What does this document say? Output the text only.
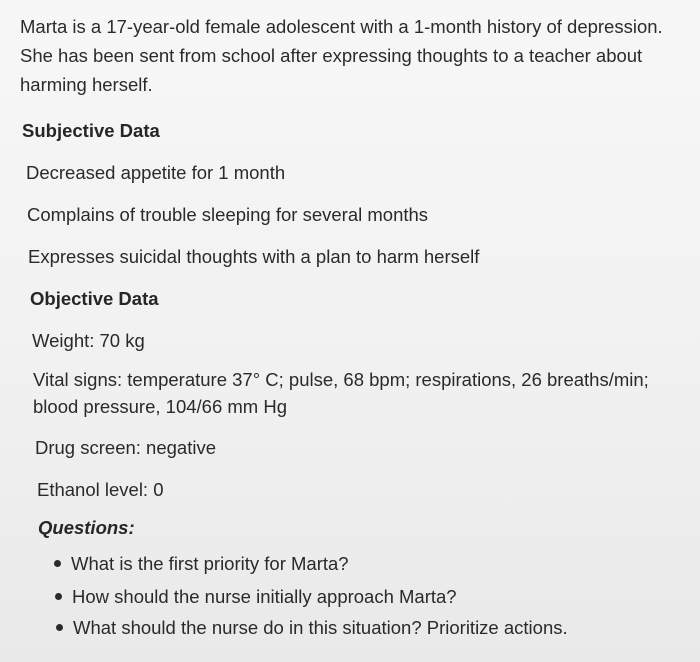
Marta is a 17-year-old female adolescent with a 1-month history of depression. She has been sent from school after expressing thoughts to a teacher about harming herself.
Subjective Data
Decreased appetite for 1 month
Complains of trouble sleeping for several months
Expresses suicidal thoughts with a plan to harm herself
Objective Data
Weight: 70 kg
Vital signs: temperature 37° C; pulse, 68 bpm; respirations, 26 breaths/min; blood pressure, 104/66 mm Hg
Drug screen: negative
Ethanol level: 0
Questions:
What is the first priority for Marta?
How should the nurse initially approach Marta?
What should the nurse do in this situation? Prioritize actions.
